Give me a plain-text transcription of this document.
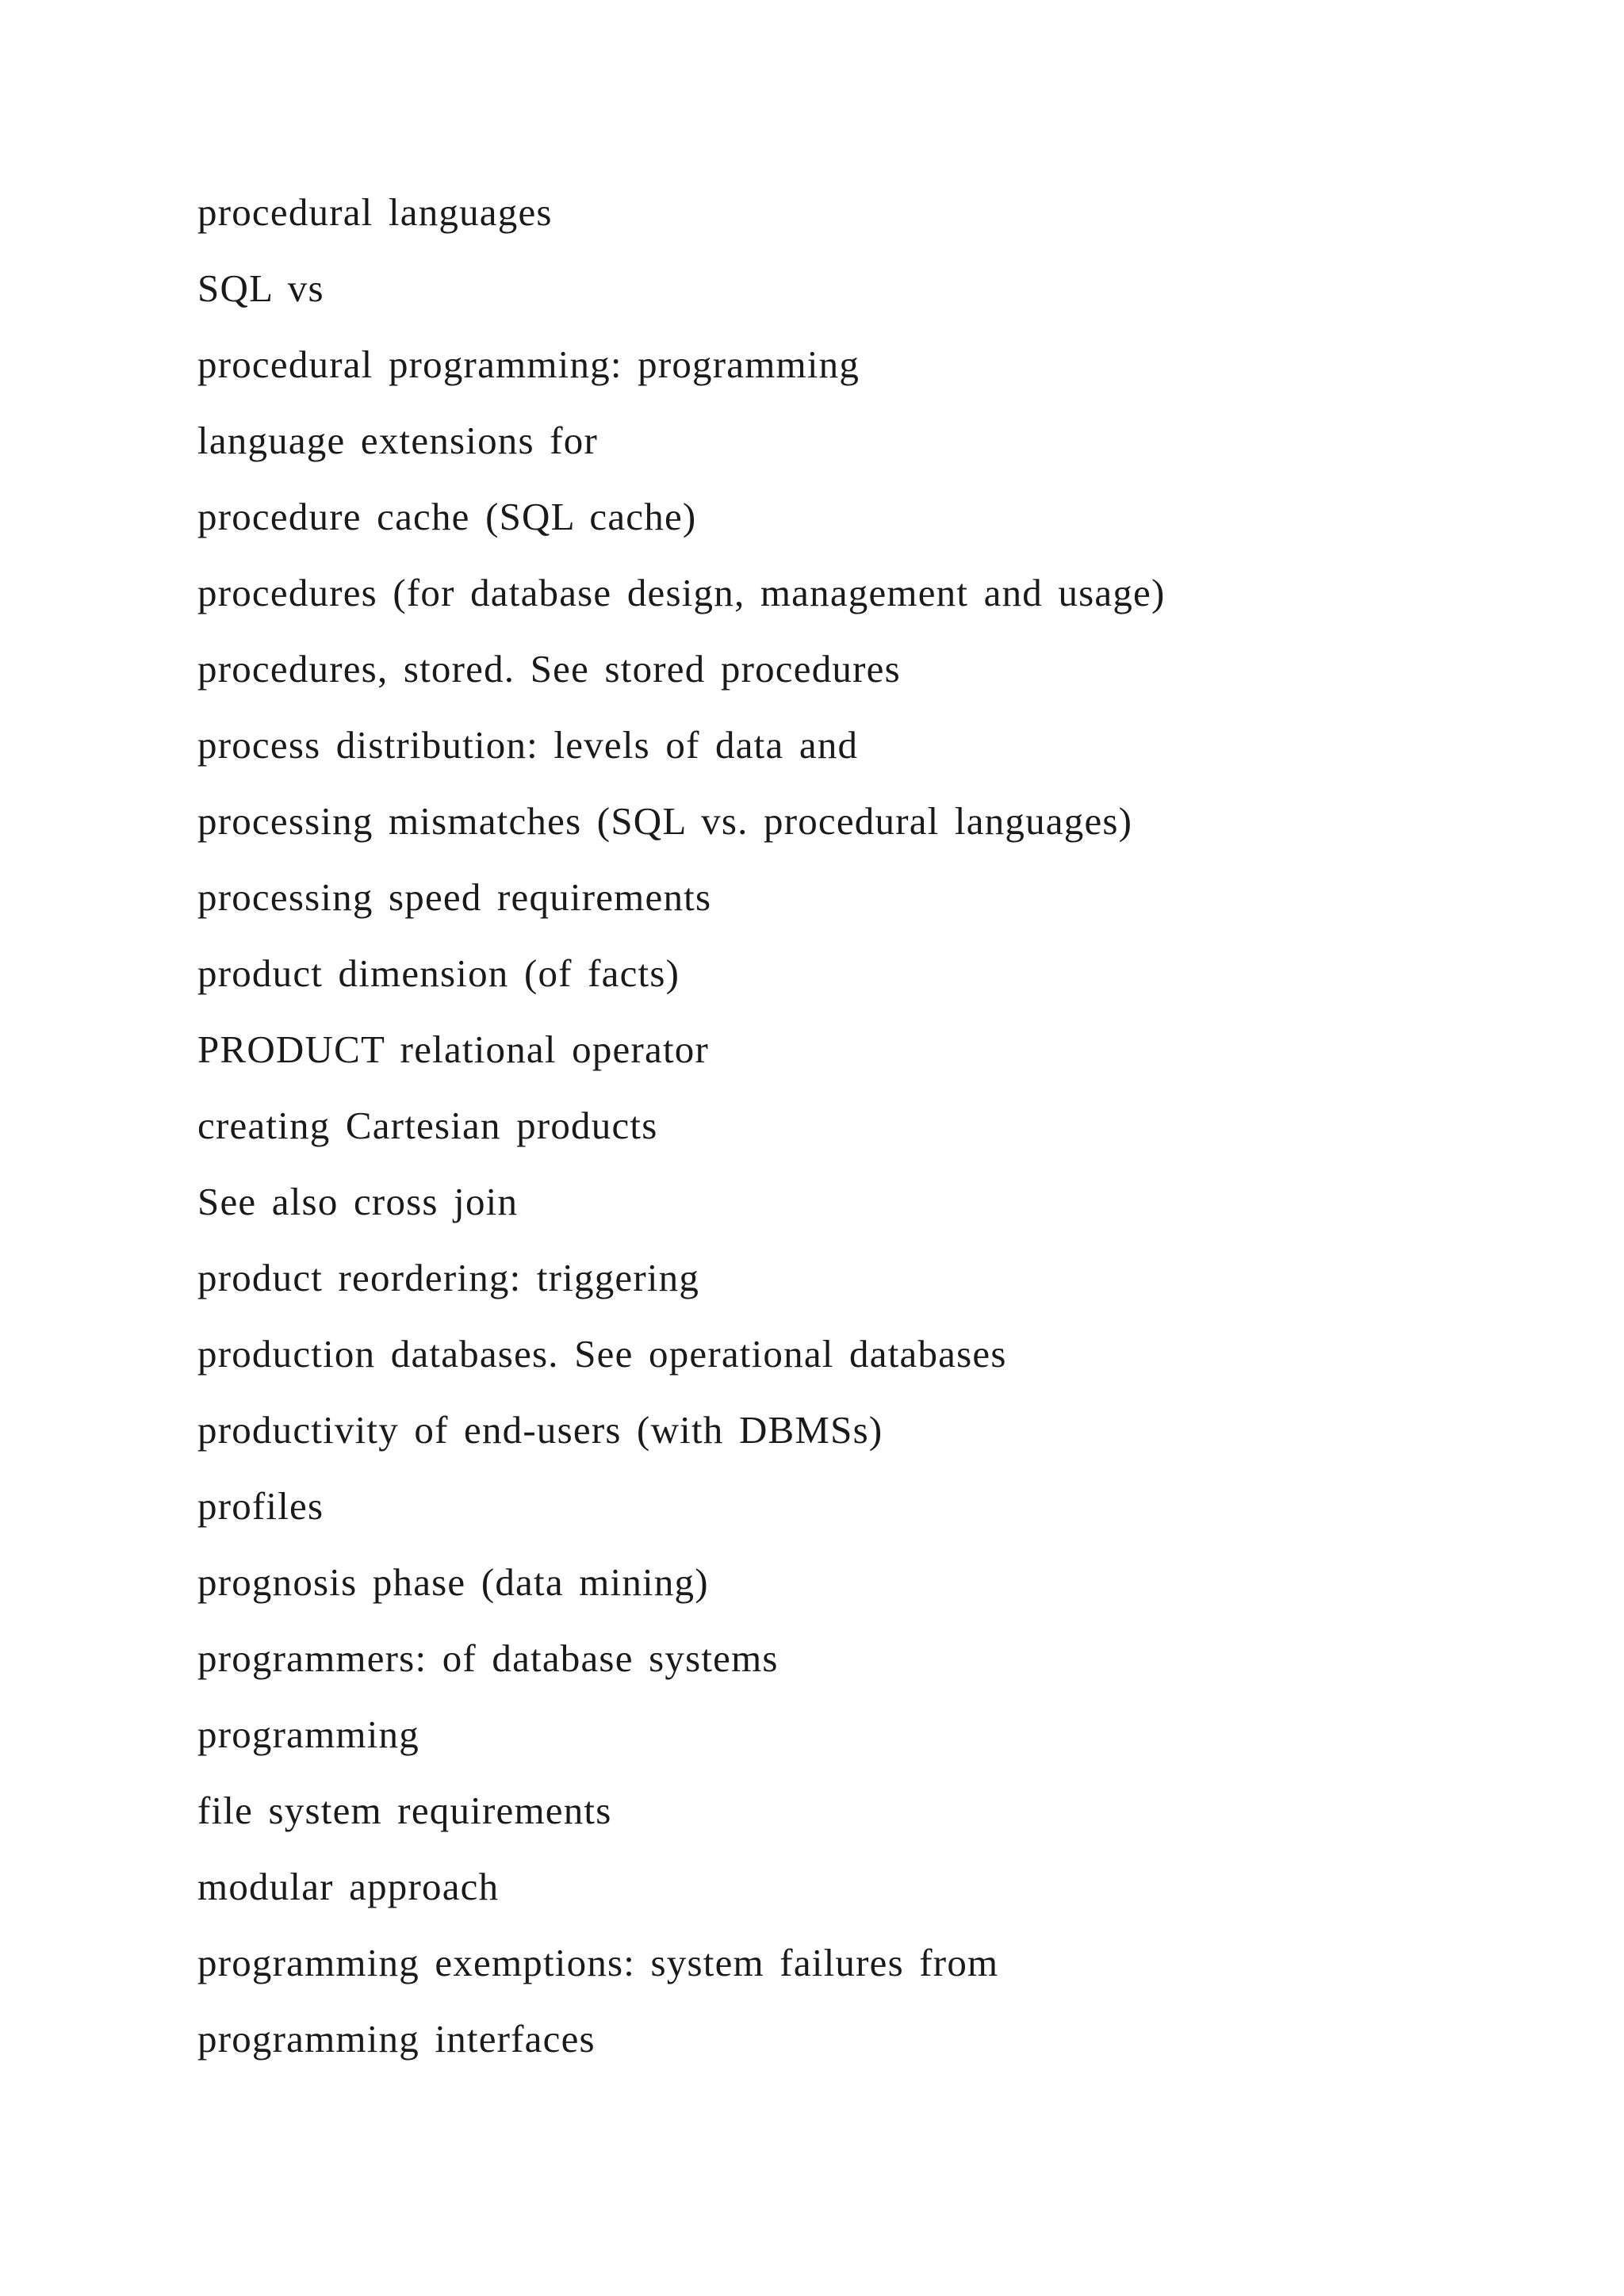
procedural languages
SQL vs
procedural programming: programming
language extensions for
procedure cache (SQL cache)
procedures (for database design, management and usage)
procedures, stored. See stored procedures
process distribution: levels of data and
processing mismatches (SQL vs. procedural languages)
processing speed requirements
product dimension (of facts)
PRODUCT relational operator
creating Cartesian products
See also cross join
product reordering: triggering
production databases. See operational databases
productivity of end-users (with DBMSs)
profiles
prognosis phase (data mining)
programmers: of database systems
programming
file system requirements
modular approach
programming exemptions: system failures from
programming interfaces
